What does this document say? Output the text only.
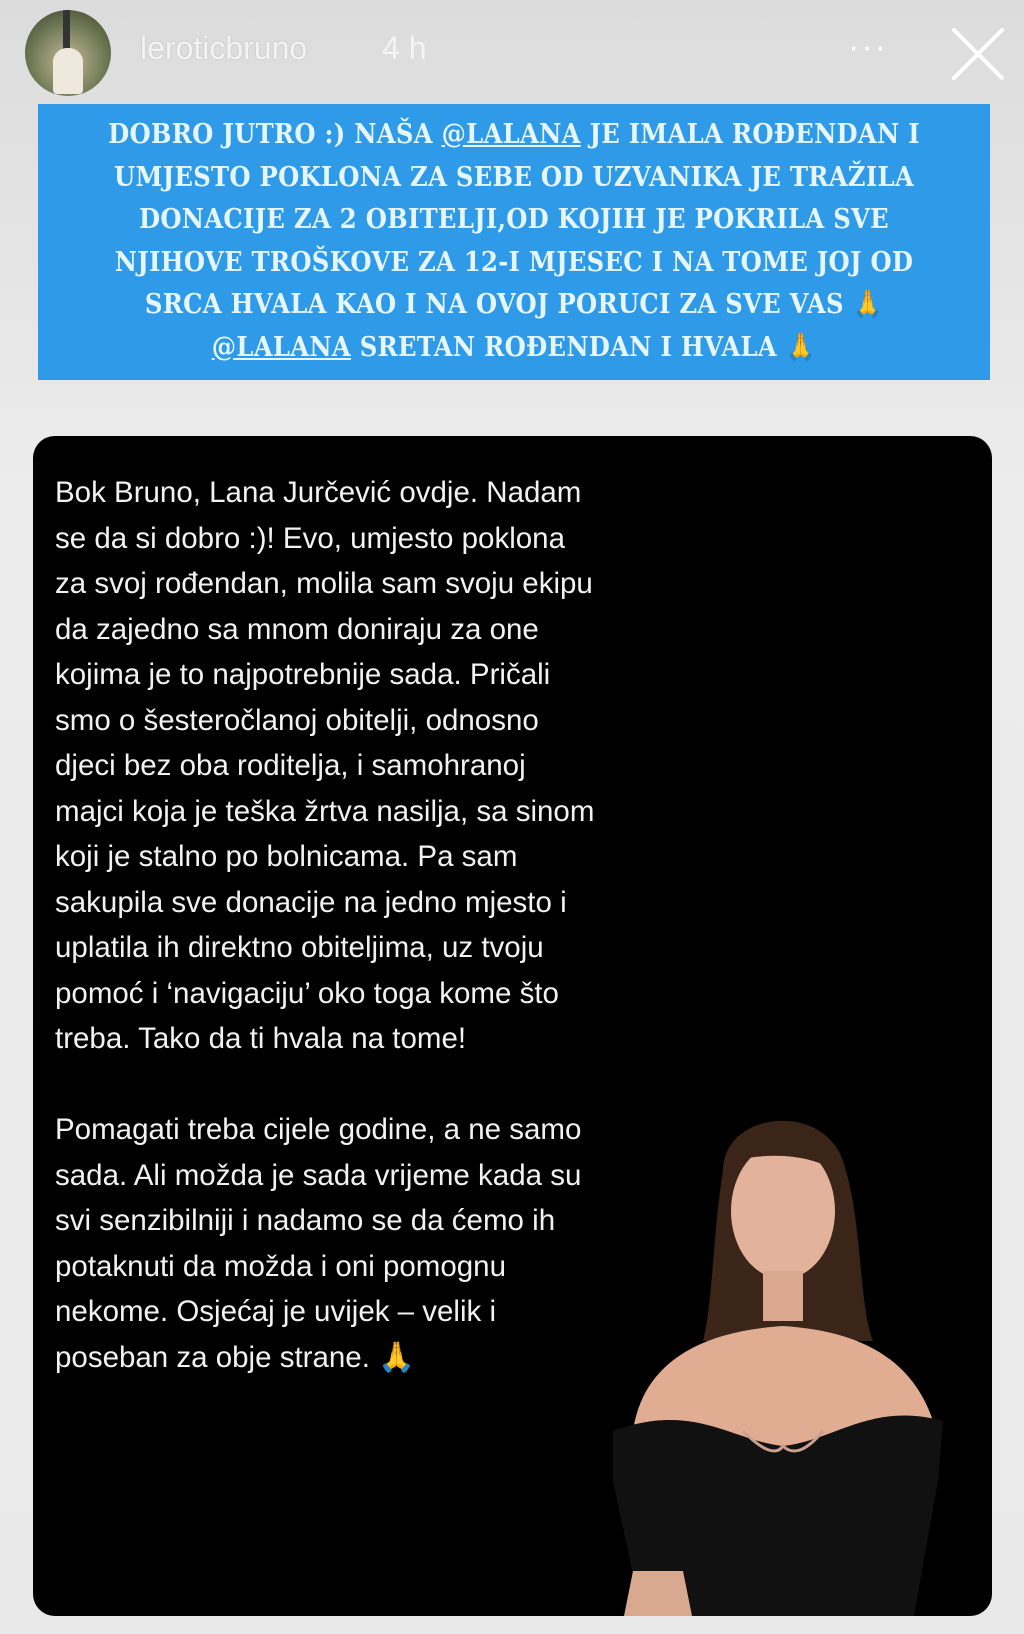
leroticbruno 4 h	···

DOBRO JUTRO :) NAŠA @LALANA JE IMALA ROĐENDAN I UMJESTO POKLONA ZA SEBE OD UZVANIKA JE TRAŽILA DONACIJE ZA 2 OBITELJI,OD KOJIH JE POKRILA SVE NJIHOVE TROŠKOVE ZA 12-I MJESEC I NA TOME JOJ OD SRCA HVALA KAO I NA OVOJ PORUCI ZA SVE VAS 🙏
@LALANA SRETAN ROĐENDAN I HVALA 🙏

Bok Bruno, Lana Jurčević ovdje. Nadam
se da si dobro :)! Evo, umjesto poklona
za svoj rođendan, molila sam svoju ekipu
da zajedno sa mnom doniraju za one
kojima je to najpotrebnije sada. Pričali
smo o šesteročlanoj obitelji, odnosno
djeci bez oba roditelja, i samohranoj
majci koja je teška žrtva nasilja, sa sinom
koji je stalno po bolnicama. Pa sam
sakupila sve donacije na jedno mjesto i
uplatila ih direktno obiteljima, uz tvoju
pomoć i ‘navigaciju’ oko toga kome što
treba. Tako da ti hvala na tome!

Pomagati treba cijele godine, a ne samo
sada. Ali možda je sada vrijeme kada su
svi senzibilniji i nadamo se da ćemo ih
potaknuti da možda i oni pomognu
nekome. Osjećaj je uvijek – velik i
poseban za obje strane. 🙏
